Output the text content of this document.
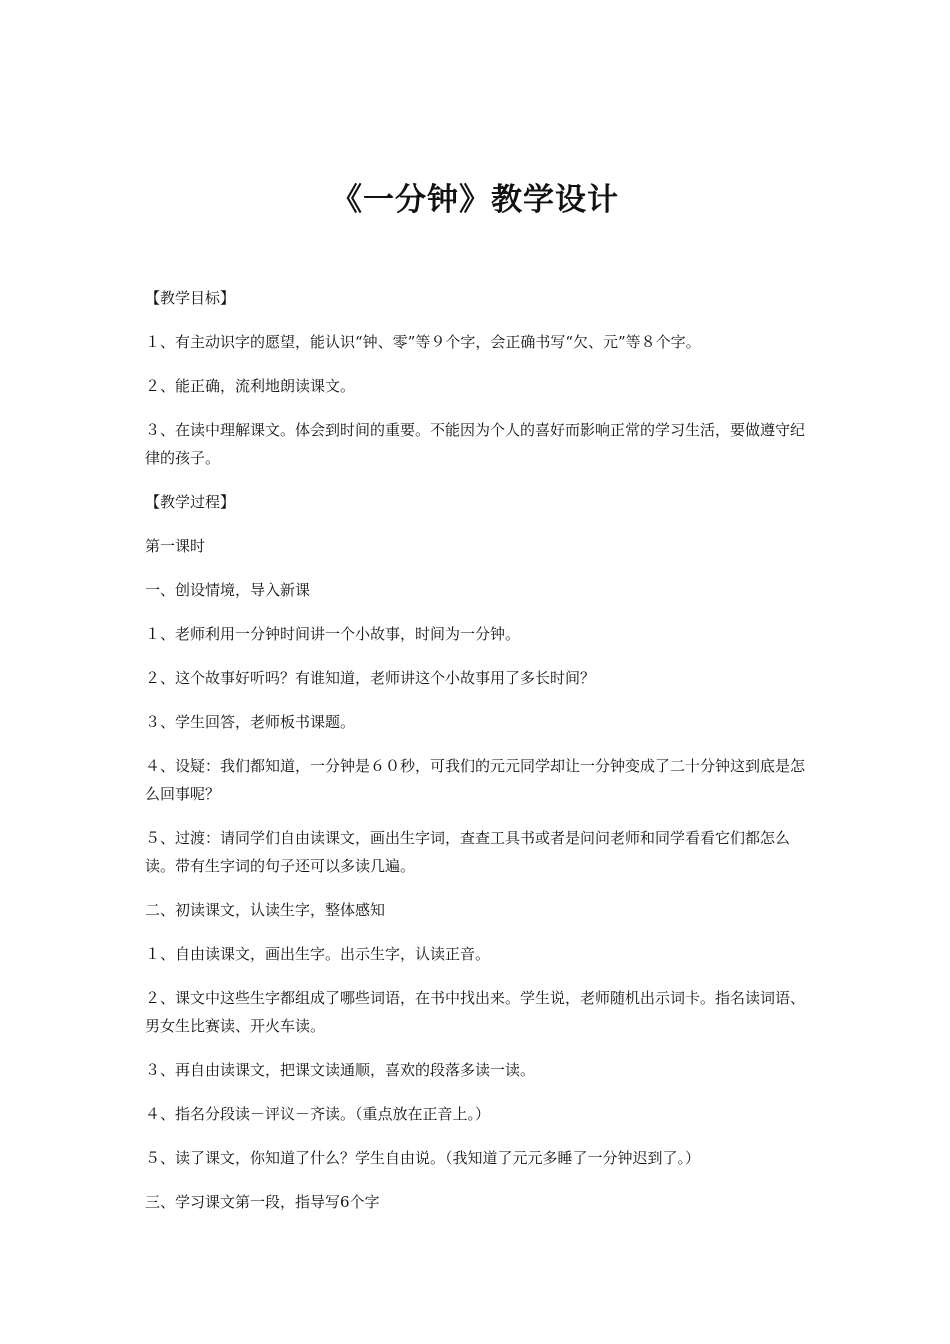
《一分钟》教学设计

【教学目标】

１、有主动识字的愿望，能认识“钟、零”等９个字，会正确书写“欠、元”等８个字。

２、能正确，流利地朗读课文。

３、在读中理解课文。体会到时间的重要。不能因为个人的喜好而影响正常的学习生活，要做遵守纪律的孩子。

【教学过程】

第一课时

一、创设情境，导入新课

１、老师利用一分钟时间讲一个小故事，时间为一分钟。

２、这个故事好听吗？有谁知道，老师讲这个小故事用了多长时间？

３、学生回答，老师板书课题。

４、设疑：我们都知道，一分钟是６０秒，可我们的元元同学却让一分钟变成了二十分钟这到底是怎么回事呢？

５、过渡：请同学们自由读课文，画出生字词，查查工具书或者是问问老师和同学看看它们都怎么读。带有生字词的句子还可以多读几遍。

二、初读课文，认读生字，整体感知

１、自由读课文，画出生字。出示生字，认读正音。

２、课文中这些生字都组成了哪些词语，在书中找出来。学生说，老师随机出示词卡。指名读词语、男女生比赛读、开火车读。

３、再自由读课文，把课文读通顺，喜欢的段落多读一读。

４、指名分段读－评议－齐读。（重点放在正音上。）

５、读了课文，你知道了什么？学生自由说。（我知道了元元多睡了一分钟迟到了。）

三、学习课文第一段，指导写6个字
